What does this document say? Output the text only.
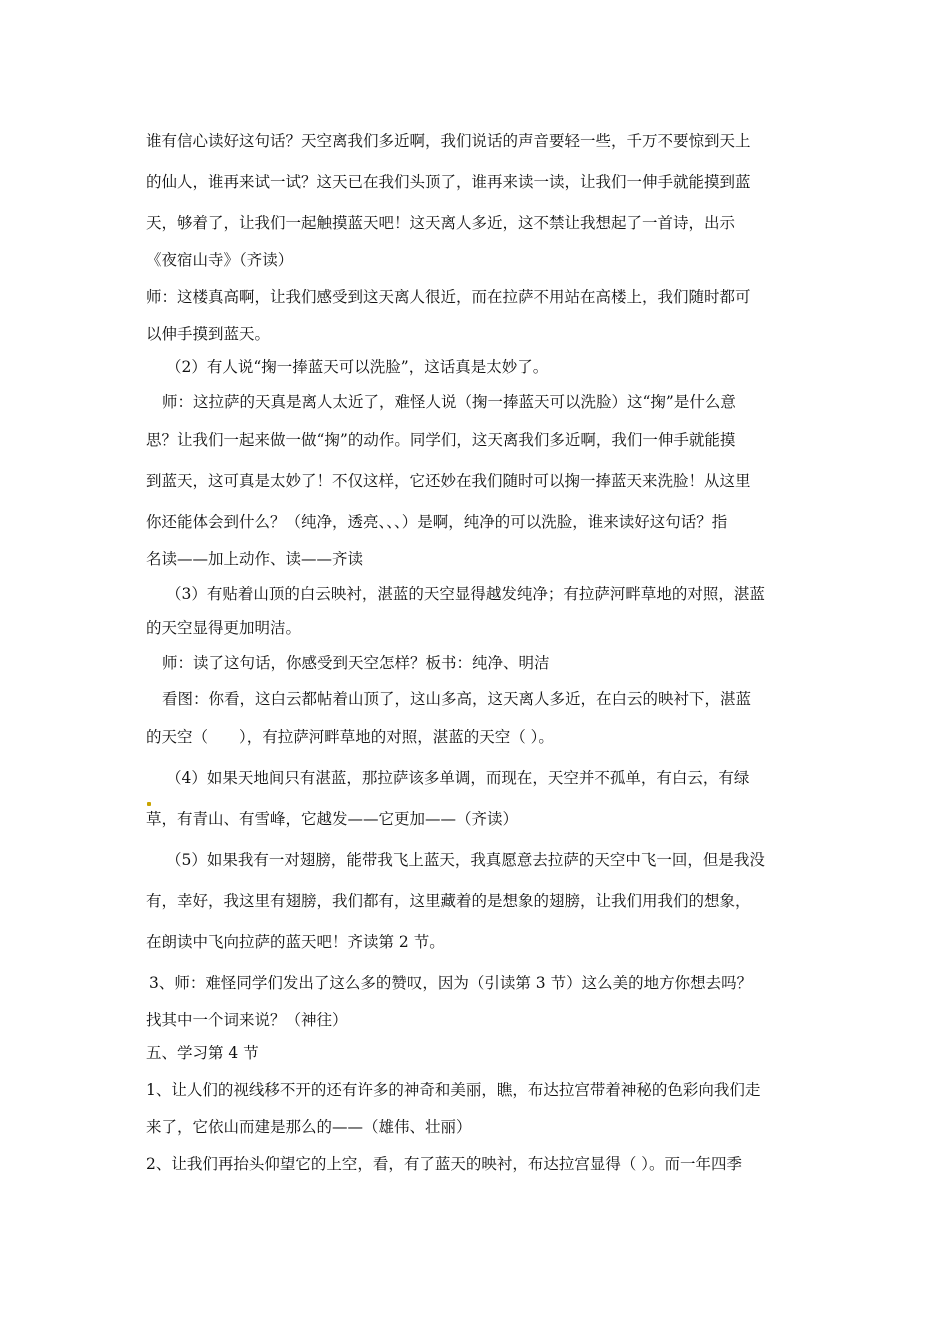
谁有信心读好这句话？天空离我们多近啊，我们说话的声音要轻一些，千万不要惊到天上
的仙人，谁再来试一试？这天已在我们头顶了，谁再来读一读，让我们一伸手就能摸到蓝
天，够着了，让我们一起触摸蓝天吧！这天离人多近，这不禁让我想起了一首诗，出示
《夜宿山寺》（齐读）
师：这楼真高啊，让我们感受到这天离人很近，而在拉萨不用站在高楼上，我们随时都可
以伸手摸到蓝天。
（2）有人说“掬一捧蓝天可以洗脸”，这话真是太妙了。
师：这拉萨的天真是离人太近了，难怪人说（掬一捧蓝天可以洗脸）这“掬”是什么意
思？让我们一起来做一做“掬”的动作。同学们，这天离我们多近啊，我们一伸手就能摸
到蓝天，这可真是太妙了！不仅这样，它还妙在我们随时可以掬一捧蓝天来洗脸！从这里
你还能体会到什么？（纯净，透亮、、、）是啊，纯净的可以洗脸，谁来读好这句话？指
名读——加上动作、读——齐读
（3）有贴着山顶的白云映衬，湛蓝的天空显得越发纯净；有拉萨河畔草地的对照，湛蓝
的天空显得更加明洁。
师：读了这句话，你感受到天空怎样？板书：纯净、明洁
看图：你看，这白云都帖着山顶了，这山多高，这天离人多近，在白云的映衬下，湛蓝
的天空（　　），有拉萨河畔草地的对照，湛蓝的天空（ ）。
（4）如果天地间只有湛蓝，那拉萨该多单调，而现在，天空并不孤单，有白云，有绿
草，有青山、有雪峰，它越发——它更加——（齐读）
（5）如果我有一对翅膀，能带我飞上蓝天，我真愿意去拉萨的天空中飞一回，但是我没
有，幸好，我这里有翅膀，我们都有，这里藏着的是想象的翅膀，让我们用我们的想象，
在朗读中飞向拉萨的蓝天吧！齐读第 2 节。
3、师：难怪同学们发出了这么多的赞叹，因为（引读第 3 节）这么美的地方你想去吗？
找其中一个词来说？（神往）
五、学习第 4 节
1、让人们的视线移不开的还有许多的神奇和美丽，瞧，布达拉宫带着神秘的色彩向我们走
来了，它依山而建是那么的——（雄伟、壮丽）
2、让我们再抬头仰望它的上空，看，有了蓝天的映衬，布达拉宫显得（ ）。而一年四季
